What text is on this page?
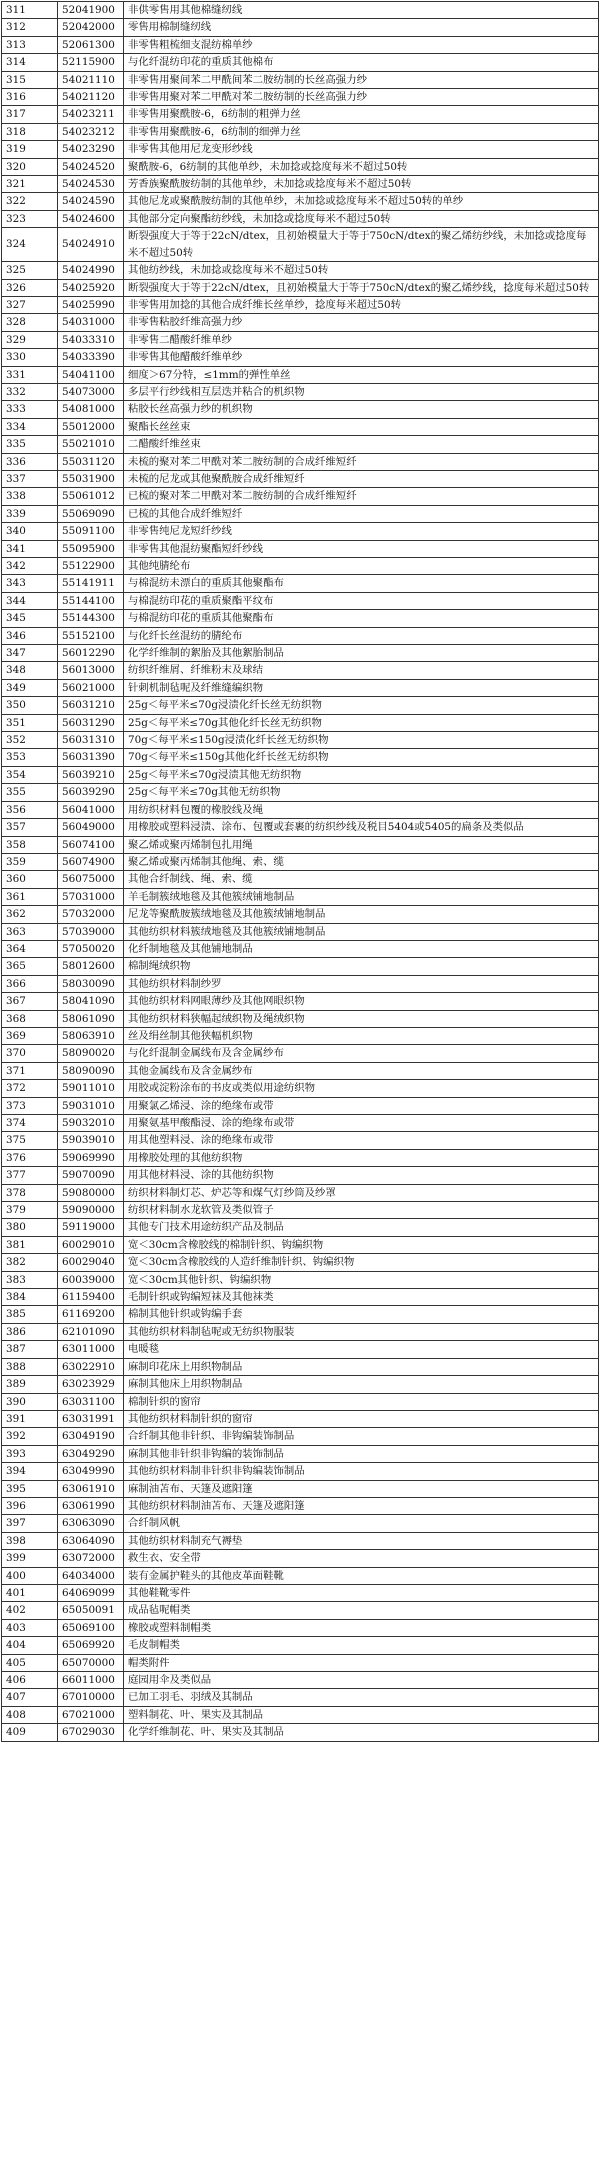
311	52041900	非供零售用其他棉缝纫线
312	52042000	零售用棉制缝纫线
313	52061300	非零售粗梳细支混纺棉单纱
314	52115900	与化纤混纺印花的重质其他棉布
315	54021110	非零售用聚间苯二甲酰间苯二胺纺制的长丝高强力纱
316	54021120	非零售用聚对苯二甲酰对苯二胺纺制的长丝高强力纱
317	54023211	非零售用聚酰胺-6，6纺制的粗弹力丝
318	54023212	非零售用聚酰胺-6，6纺制的细弹力丝
319	54023290	非零售其他用尼龙变形纱线
320	54024520	聚酰胺-6，6纺制的其他单纱，未加捻或捻度每米不超过50转
321	54024530	芳香族聚酰胺纺制的其他单纱，未加捻或捻度每米不超过50转
322	54024590	其他尼龙或聚酰胺纺制的其他单纱，未加捻或捻度每米不超过50转的单纱
323	54024600	其他部分定向聚酯纺纱线，未加捻或捻度每米不超过50转
324	54024910	断裂强度大于等于22cN/dtex，且初始模量大于等于750cN/dtex的聚乙烯纺纱线，未加捻或捻度每米不超过50转
325	54024990	其他纺纱线，未加捻或捻度每米不超过50转
326	54025920	断裂强度大于等于22cN/dtex，且初始模量大于等于750cN/dtex的聚乙烯纱线，捻度每米超过50转
327	54025990	非零售用加捻的其他合成纤维长丝单纱，捻度每米超过50转
328	54031000	非零售粘胶纤维高强力纱
329	54033310	非零售二醋酸纤维单纱
330	54033390	非零售其他醋酸纤维单纱
331	54041100	细度＞67分特，≤1mm的弹性单丝
332	54073000	多层平行纱线相互层迭并粘合的机织物
333	54081000	粘胶长丝高强力纱的机织物
334	55012000	聚酯长丝丝束
335	55021010	二醋酸纤维丝束
336	55031120	未梳的聚对苯二甲酰对苯二胺纺制的合成纤维短纤
337	55031900	未梳的尼龙或其他聚酰胺合成纤维短纤
338	55061012	已梳的聚对苯二甲酰对苯二胺纺制的合成纤维短纤
339	55069090	已梳的其他合成纤维短纤
340	55091100	非零售纯尼龙短纤纱线
341	55095900	非零售其他混纺聚酯短纤纱线
342	55122900	其他纯腈纶布
343	55141911	与棉混纺未漂白的重质其他聚酯布
344	55144100	与棉混纺印花的重质聚酯平纹布
345	55144300	与棉混纺印花的重质其他聚酯布
346	55152100	与化纤长丝混纺的腈纶布
347	56012290	化学纤维制的絮胎及其他絮胎制品
348	56013000	纺织纤维屑、纤维粉末及球结
349	56021000	针刺机制毡呢及纤维缝编织物
350	56031210	25g＜每平米≤70g浸渍化纤长丝无纺织物
351	56031290	25g＜每平米≤70g其他化纤长丝无纺织物
352	56031310	70g＜每平米≤150g浸渍化纤长丝无纺织物
353	56031390	70g＜每平米≤150g其他化纤长丝无纺织物
354	56039210	25g＜每平米≤70g浸渍其他无纺织物
355	56039290	25g＜每平米≤70g其他无纺织物
356	56041000	用纺织材料包覆的橡胶线及绳
357	56049000	用橡胶或塑料浸渍、涂布、包覆或套裹的纺织纱线及税目5404或5405的扁条及类似品
358	56074100	聚乙烯或聚丙烯制包扎用绳
359	56074900	聚乙烯或聚丙烯制其他绳、索、缆
360	56075000	其他合纤制线、绳、索、缆
361	57031000	羊毛制簇绒地毯及其他簇绒铺地制品
362	57032000	尼龙等聚酰胺簇绒地毯及其他簇绒铺地制品
363	57039000	其他纺织材料簇绒地毯及其他簇绒铺地制品
364	57050020	化纤制地毯及其他铺地制品
365	58012600	棉制绳绒织物
366	58030090	其他纺织材料制纱罗
367	58041090	其他纺织材料网眼薄纱及其他网眼织物
368	58061090	其他纺织材料狭幅起绒织物及绳绒织物
369	58063910	丝及绢丝制其他狭幅机织物
370	58090020	与化纤混制金属线布及含金属纱布
371	58090090	其他金属线布及含金属纱布
372	59011010	用胶或淀粉涂布的书皮或类似用途纺织物
373	59031010	用聚氯乙烯浸、涂的绝缘布或带
374	59032010	用聚氨基甲酸酯浸、涂的绝缘布或带
375	59039010	用其他塑料浸、涂的绝缘布或带
376	59069990	用橡胶处理的其他纺织物
377	59070090	用其他材料浸、涂的其他纺织物
378	59080000	纺织材料制灯芯、炉芯等和煤气灯纱筒及纱罩
379	59090000	纺织材料制水龙软管及类似管子
380	59119000	其他专门技术用途纺织产品及制品
381	60029010	宽＜30cm含橡胶线的棉制针织、钩编织物
382	60029040	宽＜30cm含橡胶线的人造纤维制针织、钩编织物
383	60039000	宽＜30cm其他针织、钩编织物
384	61159400	毛制针织或钩编短袜及其他袜类
385	61169200	棉制其他针织或钩编手套
386	62101090	其他纺织材料制毡呢或无纺织物服装
387	63011000	电暖毯
388	63022910	麻制印花床上用织物制品
389	63023929	麻制其他床上用织物制品
390	63031100	棉制针织的窗帘
391	63031991	其他纺织材料制针织的窗帘
392	63049190	合纤制其他非针织、非钩编装饰制品
393	63049290	麻制其他非针织非钩编的装饰制品
394	63049990	其他纺织材料制非针织非钩编装饰制品
395	63061910	麻制油苫布、天篷及遮阳篷
396	63061990	其他纺织材料制油苫布、天篷及遮阳篷
397	63063090	合纤制风帆
398	63064090	其他纺织材料制充气褥垫
399	63072000	救生衣、安全带
400	64034000	装有金属护鞋头的其他皮革面鞋靴
401	64069099	其他鞋靴零件
402	65050091	成品毡呢帽类
403	65069100	橡胶或塑料制帽类
404	65069920	毛皮制帽类
405	65070000	帽类附件
406	66011000	庭园用伞及类似品
407	67010000	已加工羽毛、羽绒及其制品
408	67021000	塑料制花、叶、果实及其制品
409	67029030	化学纤维制花、叶、果实及其制品
